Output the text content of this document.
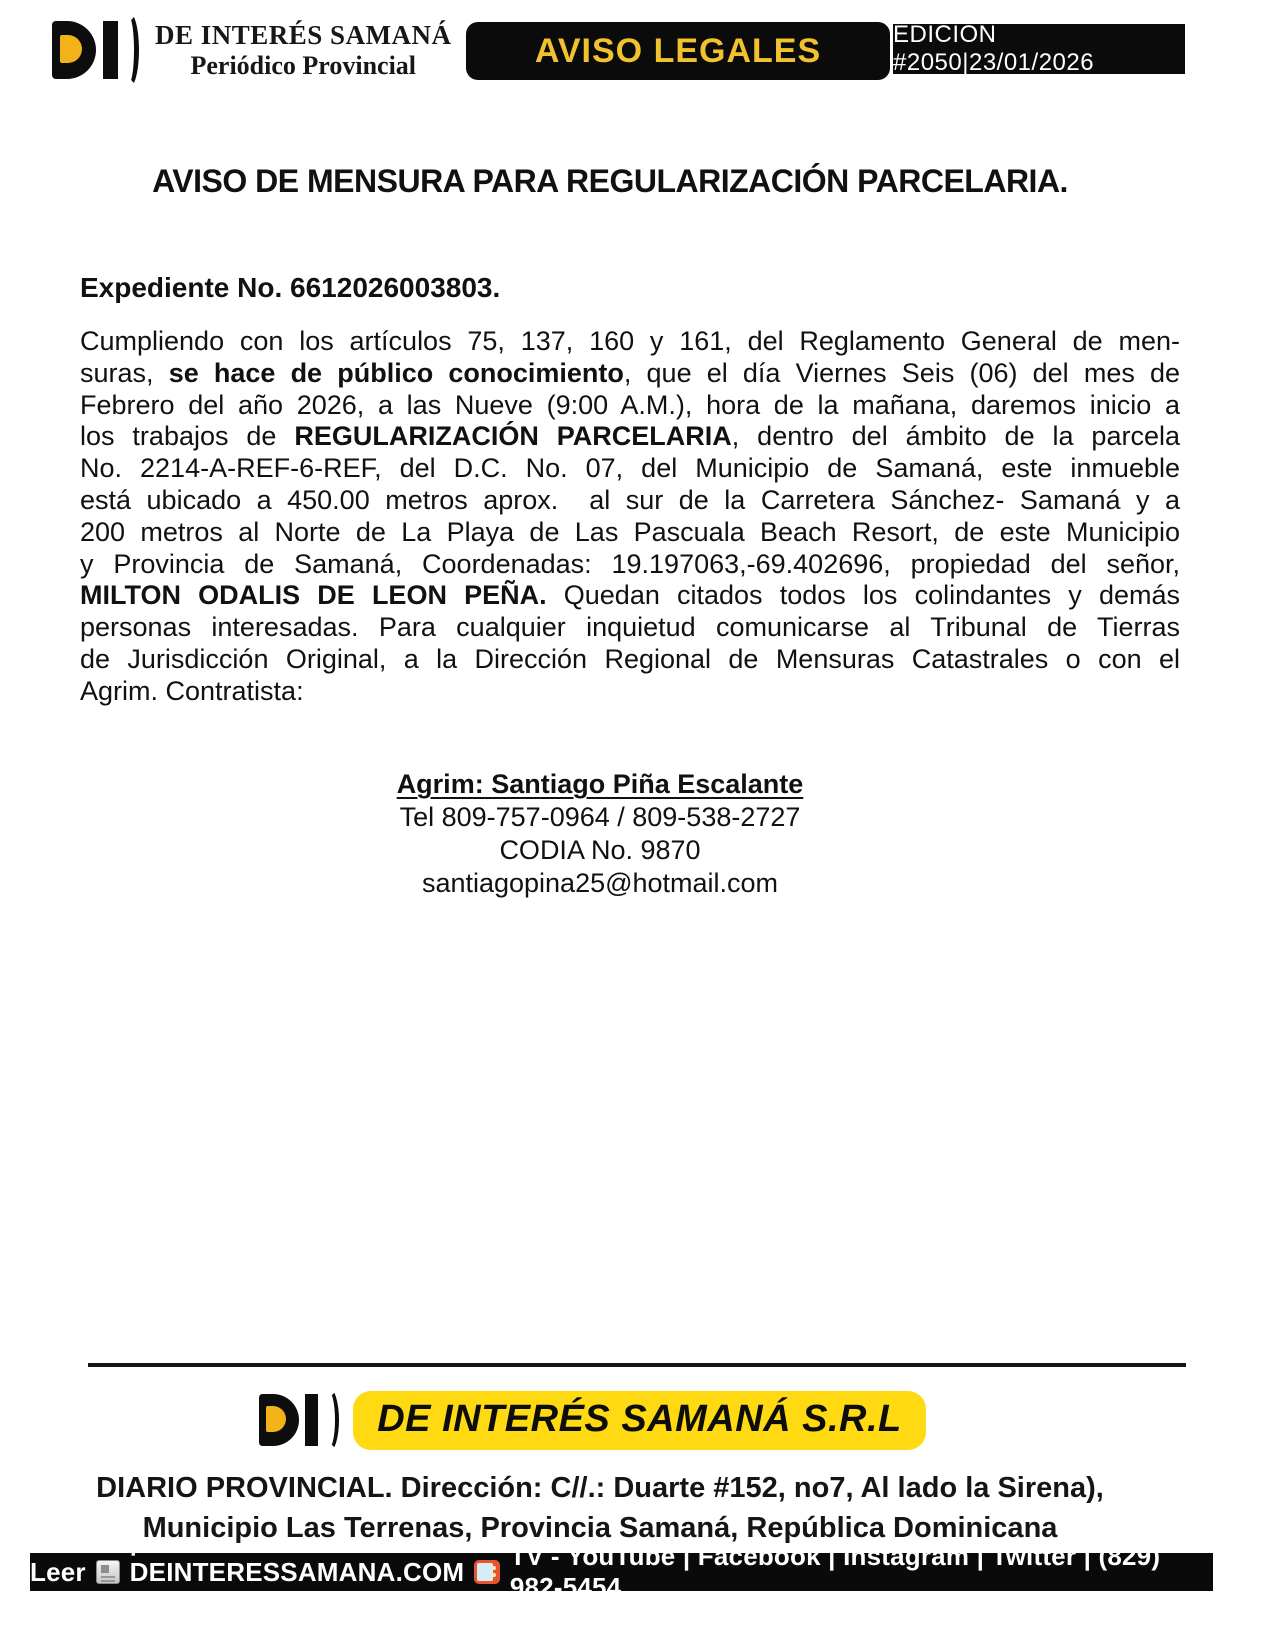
DE INTERÉS SAMANÁ
Periódico Provincial	AVISO LEGALES	EDICION #2050|23/01/2026
AVISO DE MENSURA PARA REGULARIZACIÓN PARCELARIA.
Expediente No. 6612026003803.
Cumpliendo con los artículos 75, 137, 160 y 161, del Reglamento General de men-
suras, se hace de público conocimiento, que el día Viernes Seis (06) del mes de
Febrero del año 2026, a las Nueve (9:00 A.M.), hora de la mañana, daremos inicio a
los trabajos de REGULARIZACIÓN PARCELARIA, dentro del ámbito de la parcela
No. 2214-A-REF-6-REF, del D.C. No. 07, del Municipio de Samaná, este inmueble
está ubicado a 450.00 metros aprox.  al sur de la Carretera Sánchez- Samaná y a
200 metros al Norte de La Playa de Las Pascuala Beach Resort, de este Municipio
y Provincia de Samaná, Coordenadas: 19.197063,-69.402696, propiedad del señor,
MILTON ODALIS DE LEON PEÑA. Quedan citados todos los colindantes y demás
personas interesadas. Para cualquier inquietud comunicarse al Tribunal de Tierras
de Jurisdicción Original, a la Dirección Regional de Mensuras Catastrales o con el
Agrim. Contratista:
Agrim: Santiago Piña Escalante
Tel 809-757-0964 / 809-538-2727
CODIA No. 9870
santiagopina25@hotmail.com
DE INTERÉS SAMANÁ S.R.L
DIARIO PROVINCIAL. Dirección: C//.: Duarte #152, no7, Al lado la Sirena),
Municipio Las Terrenas, Provincia Samaná, República Dominicana
Leer
| DEINTERESSAMANA.COM |
TV - YouTube | Facebook | Instagram | Twitter | (829) 982-5454
